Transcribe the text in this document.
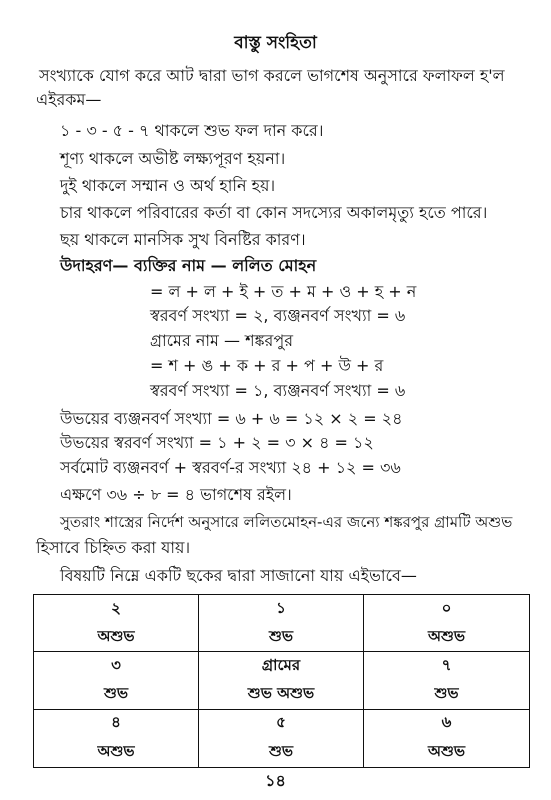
বাস্তু সংহিতা
সংখ্যাকে যোগ করে আট দ্বারা ভাগ করলে ভাগশেষ অনুসারে ফলাফল হ'ল
এইরকম—
১ - ৩ - ৫ - ৭ থাকলে শুভ ফল দান করে।
শূণ্য থাকলে অভীষ্ট লক্ষ্যপূরণ হয়না।
দুই থাকলে সম্মান ও অর্থ হানি হয়।
চার থাকলে পরিবারের কর্তা বা কোন সদস্যের অকালমৃত্যু হতে পারে।
ছয় থাকলে মানসিক সুখ বিনষ্টির কারণ।
উদাহরণ— ব্যক্তির নাম — ললিত মোহন
= ল + ল + ই + ত + ম + ও + হ + ন
স্বরবর্ণ সংখ্যা = ২, ব্যঞ্জনবর্ণ সংখ্যা = ৬
গ্রামের নাম — শঙ্করপুর
= শ + ঙ + ক + র + প + উ + র
স্বরবর্ণ সংখ্যা = ১, ব্যঞ্জনবর্ণ সংখ্যা = ৬
উভয়ের ব্যঞ্জনবর্ণ সংখ্যা = ৬ + ৬ = ১২ × ২ = ২৪
উভয়ের স্বরবর্ণ সংখ্যা = ১ + ২ = ৩ × ৪ = ১২
সর্বমোট ব্যঞ্জনবর্ণ + স্বরবর্ণ-র সংখ্যা ২৪ + ১২ = ৩৬
এক্ষণে ৩৬ ÷ ৮ = ৪ ভাগশেষ রইল।
সুতরাং শাস্ত্রের নির্দেশ অনুসারে ললিতমোহন-এর জন্যে শঙ্করপুর গ্রামটি অশুভ
হিসাবে চিহ্নিত করা যায়।
বিষয়টি নিম্নে একটি ছকের দ্বারা সাজানো যায় এইভাবে—
২
অশুভ
১
শুভ
০
অশুভ
৩
শুভ
গ্রামের
শুভ অশুভ
৭
শুভ
৪
অশুভ
৫
শুভ
৬
অশুভ
১৪
